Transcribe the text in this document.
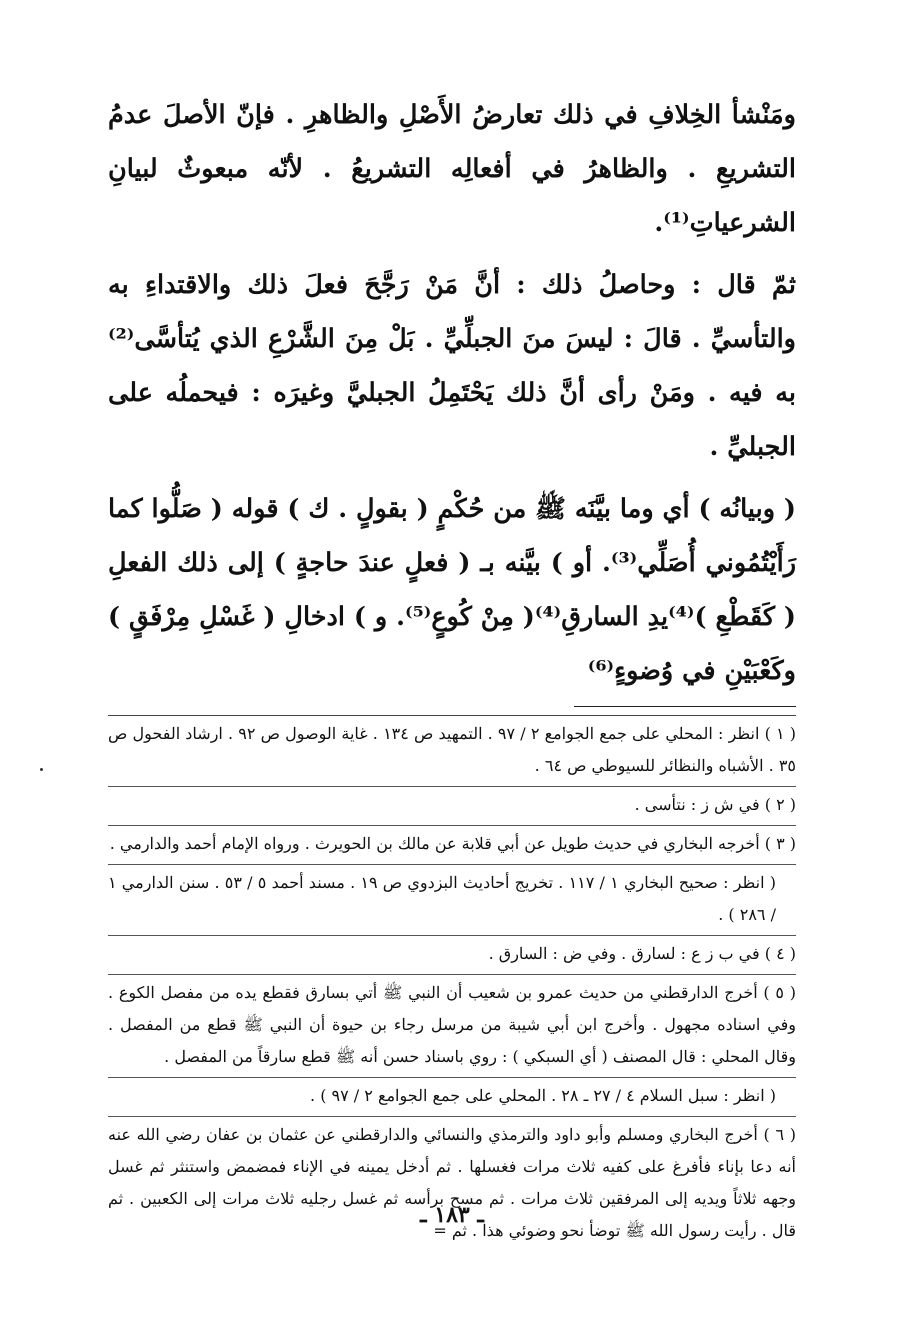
ومَنْشأ الخِلافِ في ذلك تعارضُ الأَصْلِ والظاهرِ . فإنّ الأصلَ عدمُ التشريعِ . والظاهرُ في أفعالِه التشريعُ . لأنّه مبعوثٌ لبيانِ الشرعياتِ⁽¹⁾.

ثمّ قال : وحاصلُ ذلك : أنَّ مَنْ رَجَّحَ فعلَ ذلك والاقتداءِ به والتأسيِّ . قالَ : ليسَ منَ الجبلِّيِّ . بَلْ مِنَ الشَّرْعِ الذي يُتأسَّى⁽²⁾ به فيه . ومَنْ رأى أنَّ ذلك يَحْتَمِلُ الجبليَّ وغيرَه : فيحملُه على الجبليِّ .

( وبيانُه ) أي وما بيَّنَه ﷺ من حُكْمٍ ( بقولٍ . ك ) قوله ( صَلُّوا كما رَأَيْتُمُوني أُصَلِّي⁽³⁾. أو ) بيَّنه بـ ( فعلٍ عندَ حاجةٍ ) إلى ذلك الفعلِ ( كَقَطْعِ )⁽⁴⁾يدِ السارقِ⁽⁴⁾( مِنْ كُوعٍ⁽⁵⁾. و ) ادخالِ ( غَسْلِ مِرْفَقٍ ) وكَعْبَيْنِ في وُضوءٍ⁽⁶⁾

( ١ ) انظر : المحلي على جمع الجوامع ٢ / ٩٧ . التمهيد ص ١٣٤ . غاية الوصول ص ٩٢ . ارشاد الفحول ص ٣٥ . الأشباه والنظائر للسيوطي ص ٦٤ .

( ٢ ) في ش ز : نتأسى .

( ٣ ) أخرجه البخاري في حديث طويل عن أبي قلابة عن مالك بن الحويرث . ورواه الإمام أحمد والدارمي .

( انظر : صحيح البخاري ١ / ١١٧ . تخريج أحاديث البزدوي ص ١٩ . مسند أحمد ٥ / ٥٣ . سنن الدارمي ١ / ٢٨٦ ) .

( ٤ ) في ب ز ع : لسارق . وفي ض : السارق .

( ٥ ) أخرج الدارقطني من حديث عمرو بن شعيب أن النبي ﷺ أتي بسارق فقطع يده من مفصل الكوع . وفي اسناده مجهول . وأخرج ابن أبي شيبة من مرسل رجاء بن حيوة أن النبي ﷺ قطع من المفصل . وقال المحلي : قال المصنف ( أي السبكي ) : روي باسناد حسن أنه ﷺ قطع سارقاً من المفصل .

( انظر : سبل السلام ٤ / ٢٧ ـ ٢٨ . المحلي على جمع الجوامع ٢ / ٩٧ ) .

( ٦ ) أخرج البخاري ومسلم وأبو داود والترمذي والنسائي والدارقطني عن عثمان بن عفان رضي الله عنه أنه دعا بإناء فأفرغ على كفيه ثلاث مرات فغسلها . ثم أدخل يمينه في الإناء فمضمض واستنثر ثم غسل وجهه ثلاثاً ويديه إلى المرفقين ثلاث مرات . ثم مسح برأسه ثم غسل رجليه ثلاث مرات إلى الكعبين . ثم قال . رأيت رسول الله ﷺ توضأ نحو وضوئي هذا . ثم =

ـ ١٨٣ ـ
